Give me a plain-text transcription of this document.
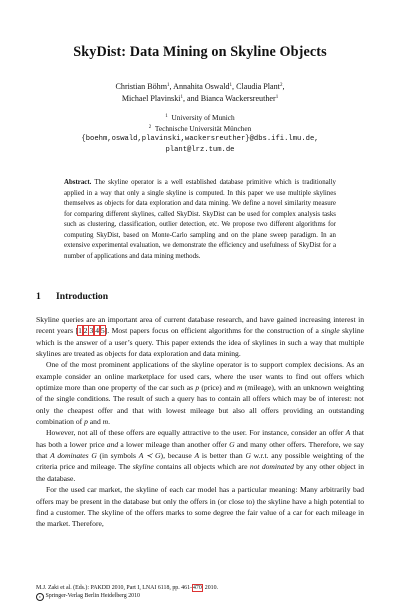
SkyDist: Data Mining on Skyline Objects
Christian Böhm$^1$, Annahita Oswald$^1$, Claudia Plant$^2$,
Michael Plavinski$^1$, and Bianca Wackersreuther$^1$
$^1$ University of Munich
$^2$ Technische Universität München
{boehm,oswald,plavinski,wackersreuther}@dbs.ifi.lmu.de,
plant@lrz.tum.de
Abstract. The skyline operator is a well established database primitive which is traditionally applied in a way that only a single skyline is computed. In this paper we use multiple skylines themselves as objects for data exploration and data mining. We define a novel similarity measure for comparing different skylines, called SkyDist. SkyDist can be used for complex analysis tasks such as clustering, classification, outlier detection, etc. We propose two different algorithms for computing SkyDist, based on Monte-Carlo sampling and on the plane sweep paradigm. In an extensive experimental evaluation, we demonstrate the efficiency and usefulness of SkyDist for a number of applications and data mining methods.
1 Introduction

Skyline queries are an important area of current database research, and have gained increasing interest in recent years [1,2,3,4,5]. Most papers focus on efficient algorithms for the construction of a single skyline which is the answer of a user’s query. This paper extends the idea of skylines in such a way that multiple skylines are treated as objects for data exploration and data mining.

One of the most prominent applications of the skyline operator is to support complex decisions. As an example consider an online marketplace for used cars, where the user wants to find out offers which optimize more than one property of the car such as p (price) and m (mileage), with an unknown weighting of the single conditions. The result of such a query has to contain all offers which may be of interest: not only the cheapest offer and that with lowest mileage but also all offers providing an outstanding combination of p and m.

However, not all of these offers are equally attractive to the user. For instance, consider an offer A that has both a lower price and a lower mileage than another offer G and many other offers. Therefore, we say that A dominates G (in symbols A ≺ G), because A is better than G w.r.t. any possible weighting of the criteria price and mileage. The skyline contains all objects which are not dominated by any other object in the database.

For the used car market, the skyline of each car model has a particular meaning: Many arbitrarily bad offers may be present in the database but only the offers in (or close to) the skyline have a high potential to find a customer. The skyline of the offers marks to some degree the fair value of a car for each mileage in the market. Therefore,

M.J. Zaki et al. (Eds.): PAKDD 2010, Part I, LNAI 6118, pp. 461–470, 2010.
c Springer-Verlag Berlin Heidelberg 2010
